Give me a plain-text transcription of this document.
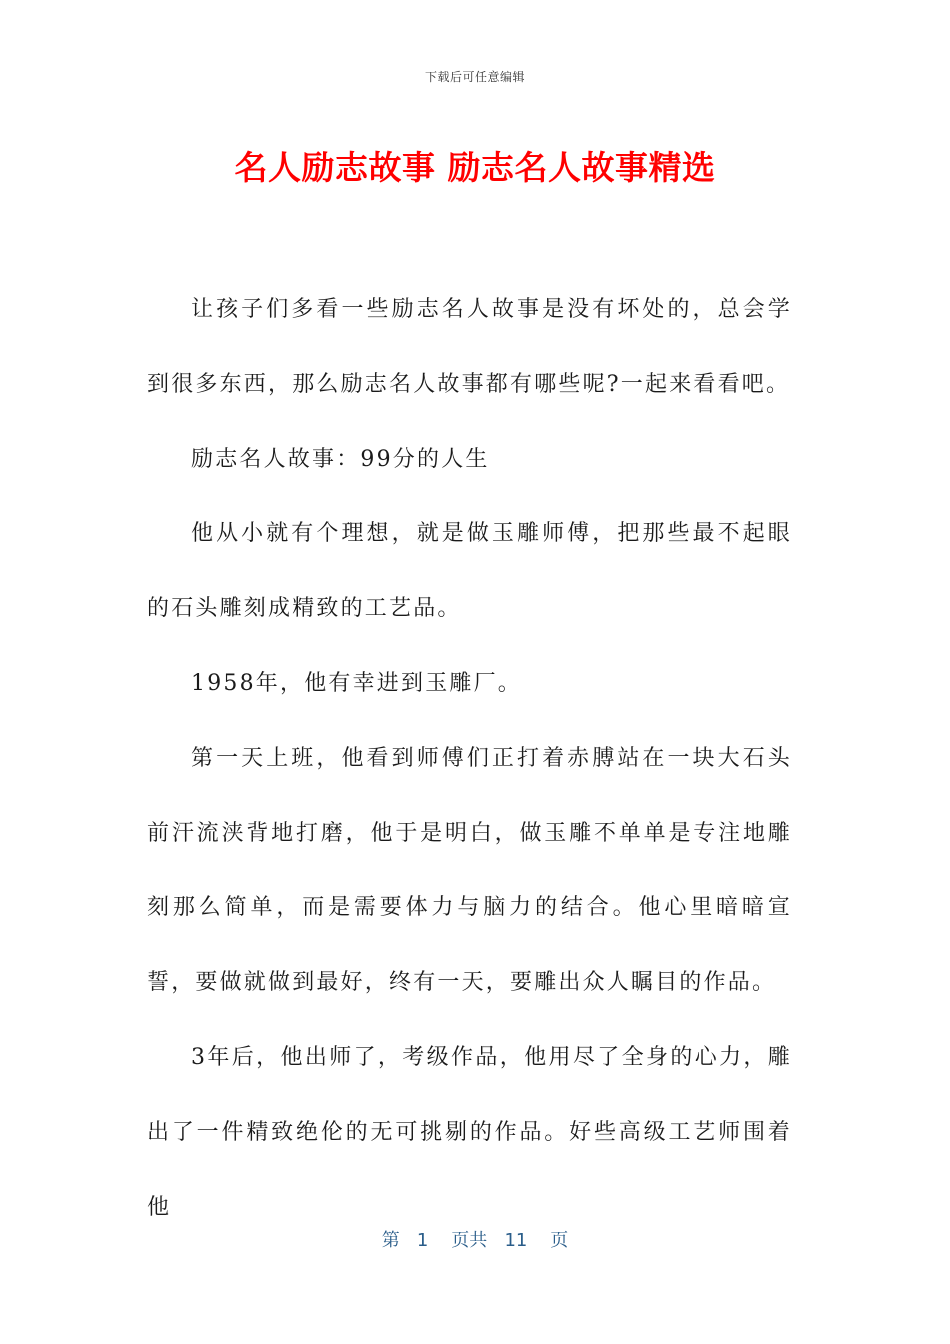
下载后可任意编辑
名人励志故事 励志名人故事精选

让孩子们多看一些励志名人故事是没有坏处的，总会学到很多东西，那么励志名人故事都有哪些呢?一起来看看吧。

励志名人故事：99分的人生

他从小就有个理想，就是做玉雕师傅，把那些最不起眼的石头雕刻成精致的工艺品。

1958年，他有幸进到玉雕厂。

第一天上班，他看到师傅们正打着赤膊站在一块大石头前汗流浃背地打磨，他于是明白，做玉雕不单单是专注地雕刻那么简单，而是需要体力与脑力的结合。他心里暗暗宣誓，要做就做到最好，终有一天，要雕出众人瞩目的作品。

3年后，他出师了，考级作品，他用尽了全身的心力，雕出了一件精致绝伦的无可挑剔的作品。好些高级工艺师围着他

第 1 页共 11 页
